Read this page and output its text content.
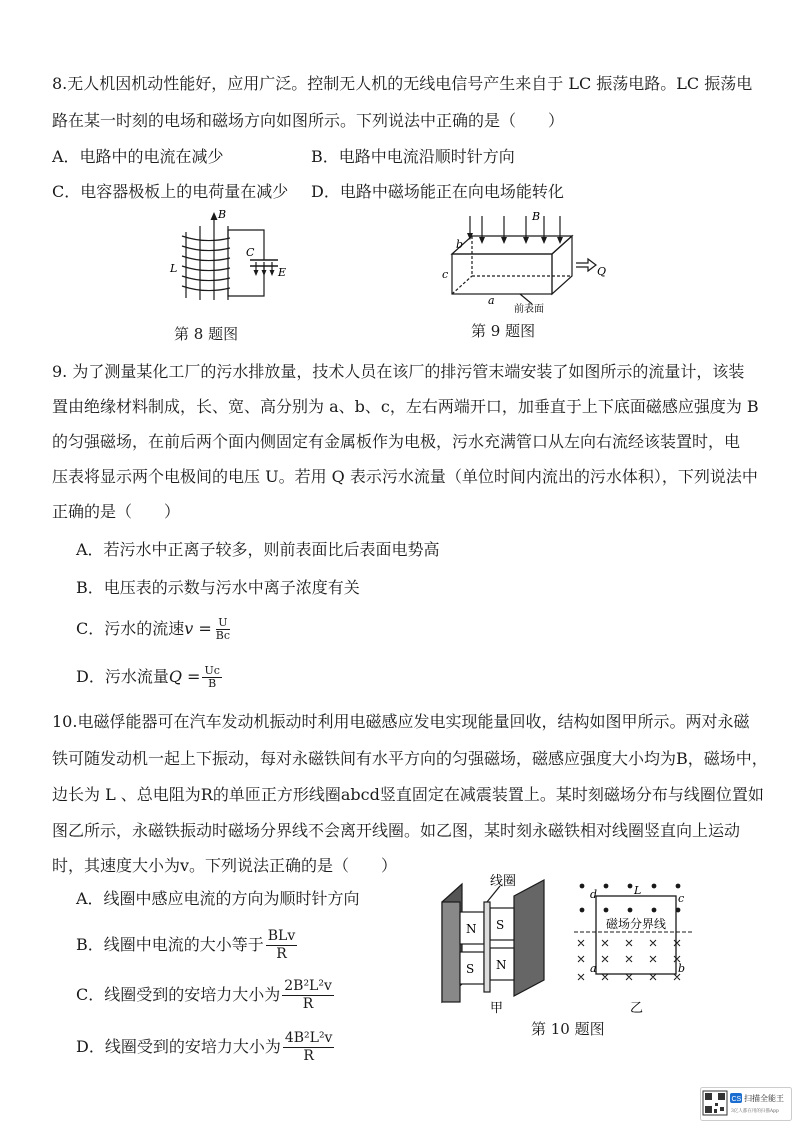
8.无人机因机动性能好，应用广泛。控制无人机的无线电信号产生来自于 LC 振荡电路。LC 振荡电
路在某一时刻的电场和磁场方向如图所示。下列说法中正确的是（　　）
A．电路中的电流在减少	B．电路中电流沿顺时针方向
C．电容器极板上的电荷量在减少 D．电路中磁场能正在向电场能转化
B
L
C
E
第 8 题图
B
b
c
a
Q
前表面
第 9 题图
9. 为了测量某化工厂的污水排放量，技术人员在该厂的排污管末端安装了如图所示的流量计，该装
置由绝缘材料制成，长、宽、高分别为 a、b、c，左右两端开口，加垂直于上下底面磁感应强度为 B
的匀强磁场，在前后两个面内侧固定有金属板作为电极，污水充满管口从左向右流经该装置时，电
压表将显示两个电极间的电压 U。若用 Q 表示污水流量（单位时间内流出的污水体积），下列说法中
正确的是（　　）
A．若污水中正离子较多，则前表面比后表面电势高
B．电压表的示数与污水中离子浓度有关
C．污水的流速$v = \frac{U}{Bc}$
D．污水流量$Q = \frac{Uc}{B}$
10.电磁俘能器可在汽车发动机振动时利用电磁感应发电实现能量回收，结构如图甲所示。两对永磁
铁可随发动机一起上下振动，每对永磁铁间有水平方向的匀强磁场，磁感应强度大小均为B，磁场中，
边长为 L 、总电阻为R的单匝正方形线圈abcd竖直固定在减震装置上。某时刻磁场分布与线圈位置如
图乙所示，永磁铁振动时磁场分界线不会离开线圈。如乙图，某时刻永磁铁相对线圈竖直向上运动
时，其速度大小为v。下列说法正确的是（　　）
A．线圈中感应电流的方向为顺时针方向
B．线圈中电流的大小等于 $\frac{\text{BLv}}{R}$
C．线圈受到的安培力大小为 $\frac{\text{2B²L²v}}{R}$
D．线圈受到的安培力大小为 $\frac{\text{4B²L²v}}{R}$
N
S
S
N
线圈
甲
d	L
c
a	b
磁场分界线
乙
第 10 题图
CS 扫描全能王
3亿人都在用的扫描App
